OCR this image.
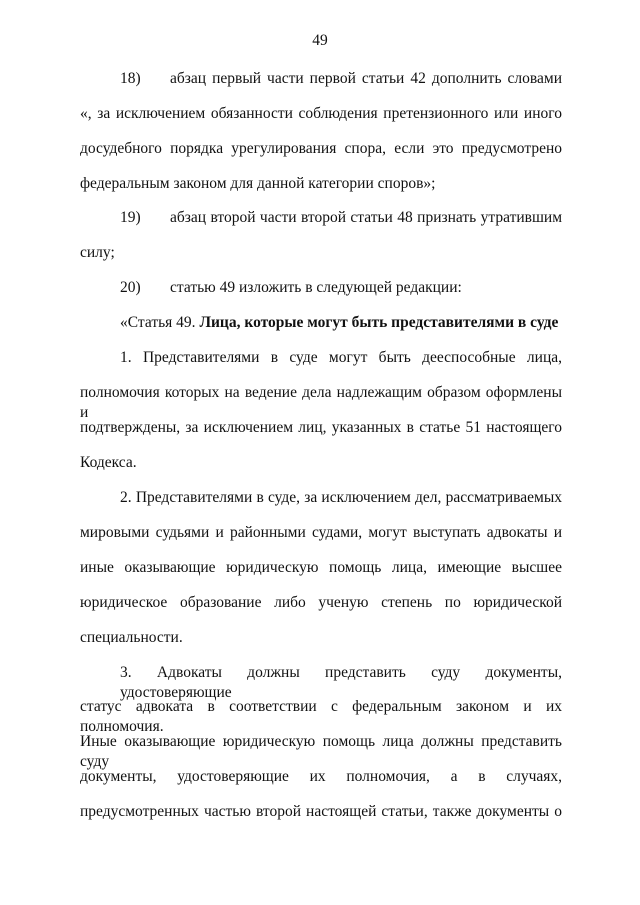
49
18) абзац первый части первой статьи 42 дополнить словами
«, за исключением обязанности соблюдения претензионного или иного
досудебного порядка урегулирования спора, если это предусмотрено
федеральным законом для данной категории споров»;
19) абзац второй части второй статьи 48 признать утратившим
силу;
20) статью 49 изложить в следующей редакции:
«Статья 49. Лица, которые могут быть представителями в суде
1. Представителями в суде могут быть дееспособные лица,
полномочия которых на ведение дела надлежащим образом оформлены и
подтверждены, за исключением лиц, указанных в статье 51 настоящего
Кодекса.
2. Представителями в суде, за исключением дел, рассматриваемых
мировыми судьями и районными судами, могут выступать адвокаты и
иные оказывающие юридическую помощь лица, имеющие высшее
юридическое образование либо ученую степень по юридической
специальности.
3. Адвокаты должны представить суду документы, удостоверяющие
статус адвоката в соответствии с федеральным законом и их полномочия.
Иные оказывающие юридическую помощь лица должны представить суду
документы, удостоверяющие их полномочия, а в случаях,
предусмотренных частью второй настоящей статьи, также документы о
